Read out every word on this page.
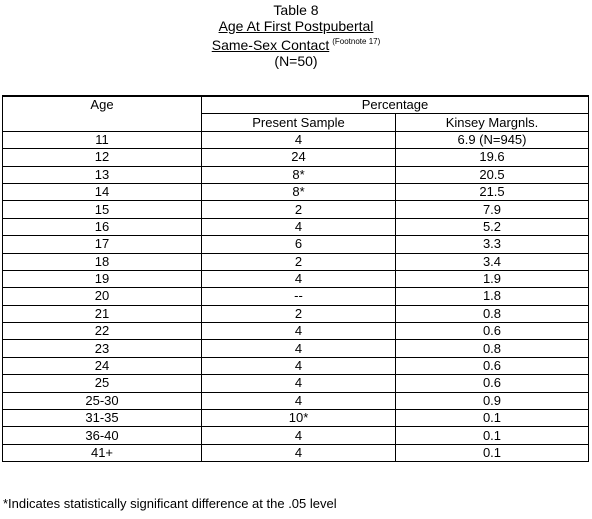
Table 8
Age At First Postpubertal
Same-Sex Contact $^{(Footnote 17)}$
(N=50)
Age	Percentage	
	Present Sample	Kinsey Margnls.
11	4	6.9 (N=945)
12	24	19.6
13	8*	20.5
14	8*	21.5
15	2	7.9
16	4	5.2
17	6	3.3
18	2	3.4
19	4	1.9
20	--	1.8
21	2	0.8
22	4	0.6
23	4	0.8
24	4	0.6
25	4	0.6
25-30	4	0.9
31-35	10*	0.1
36-40	4	0.1
41+	4	0.1
*Indicates statistically significant difference at the .05 level
